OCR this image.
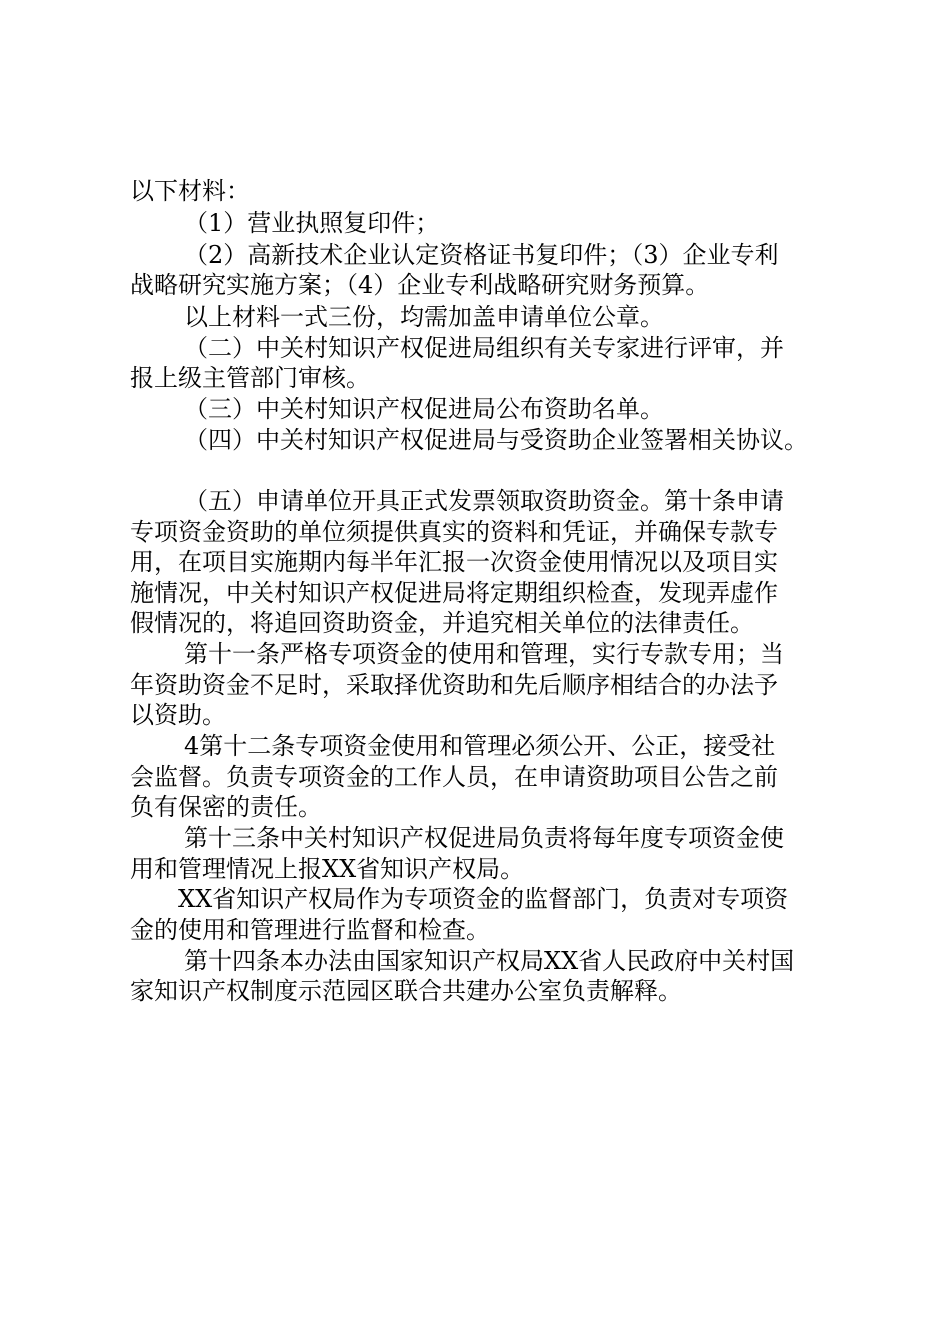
以下材料：

（1）营业执照复印件；

（2）高新技术企业认定资格证书复印件；（3）企业专利

战略研究实施方案；（4）企业专利战略研究财务预算。

以上材料一式三份，均需加盖申请单位公章。

（二）中关村知识产权促进局组织有关专家进行评审，并

报上级主管部门审核。

（三）中关村知识产权促进局公布资助名单。

（四）中关村知识产权促进局与受资助企业签署相关协议。

（五）申请单位开具正式发票领取资助资金。第十条申请

专项资金资助的单位须提供真实的资料和凭证，并确保专款专

用，在项目实施期内每半年汇报一次资金使用情况以及项目实

施情况，中关村知识产权促进局将定期组织检查，发现弄虚作

假情况的，将追回资助资金，并追究相关单位的法律责任。

第十一条严格专项资金的使用和管理，实行专款专用；当

年资助资金不足时，采取择优资助和先后顺序相结合的办法予

以资助。

4第十二条专项资金使用和管理必须公开、公正，接受社

会监督。负责专项资金的工作人员，在申请资助项目公告之前

负有保密的责任。

第十三条中关村知识产权促进局负责将每年度专项资金使

用和管理情况上报XX省知识产权局。

XX省知识产权局作为专项资金的监督部门，负责对专项资

金的使用和管理进行监督和检查。

第十四条本办法由国家知识产权局XX省人民政府中关村国

家知识产权制度示范园区联合共建办公室负责解释。
